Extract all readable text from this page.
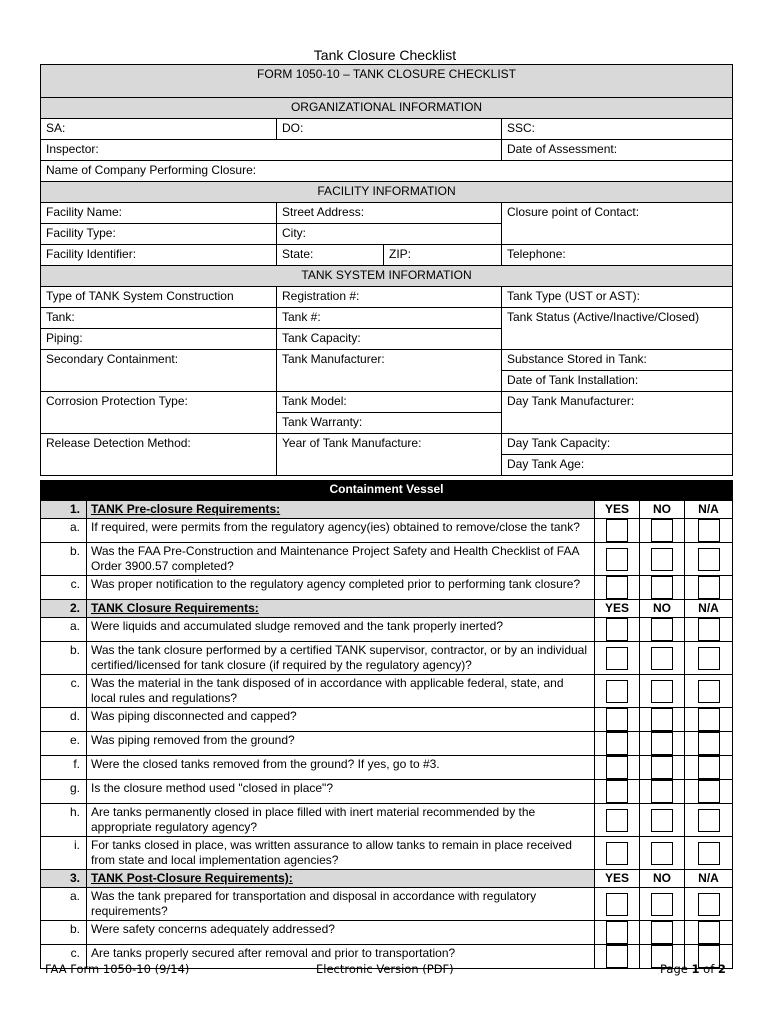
Tank Closure Checklist
FORM 1050-10 – TANK CLOSURE CHECKLIST			
ORGANIZATIONAL INFORMATION			
SA:	DO:		SSC:
Inspector:			Date of Assessment:
Name of Company Performing Closure:			
FACILITY INFORMATION			
Facility Name:	Street Address:		Closure point of Contact:
Facility Type:	City:		
Facility Identifier:	State:	ZIP:	Telephone:
TANK SYSTEM INFORMATION			
Type of TANK System Construction	Registration #:		Tank Type (UST or AST):
Tank:	Tank #:		Tank Status (Active/Inactive/Closed)
Piping:	Tank Capacity:		
Secondary Containment:	Tank Manufacturer:		Substance Stored in Tank:
			Date of Tank Installation:
Corrosion Protection Type:	Tank Model:		Day Tank Manufacturer:
	Tank Warranty:		
Release Detection Method:	Year of Tank Manufacture:		Day Tank Capacity:
			Day Tank Age:
Containment Vessel				
1.	TANK Pre-closure Requirements:	YES	NO	N/A
a.	If required, were permits from the regulatory agency(ies) obtained to remove/close the tank?			
b.	Was the FAA Pre-Construction and Maintenance Project Safety and Health Checklist of FAA Order 3900.57 completed?			
c.	Was proper notification to the regulatory agency completed prior to performing tank closure?			
2.	TANK Closure Requirements:	YES	NO	N/A
a.	Were liquids and accumulated sludge removed and the tank properly inerted?			
b.	Was the tank closure performed by a certified TANK supervisor, contractor, or by an individual certified/licensed for tank closure (if required by the regulatory agency)?			
c.	Was the material in the tank disposed of in accordance with applicable federal, state, and local rules and regulations?			
d.	Was piping disconnected and capped?			
e.	Was piping removed from the ground?			
f.	Were the closed tanks removed from the ground? If yes, go to #3.			
g.	Is the closure method used "closed in place"?			
h.	Are tanks permanently closed in place filled with inert material recommended by the appropriate regulatory agency?			
i.	For tanks closed in place, was written assurance to allow tanks to remain in place received from state and local implementation agencies?			
3.	TANK Post-Closure Requirements):	YES	NO	N/A
a.	Was the tank prepared for transportation and disposal in accordance with regulatory requirements?			
b.	Were safety concerns adequately addressed?			
c.	Are tanks properly secured after removal and prior to transportation?			
FAA Form 1050-10 (9/14)	Electronic Version (PDF)	Page 1 of 2
